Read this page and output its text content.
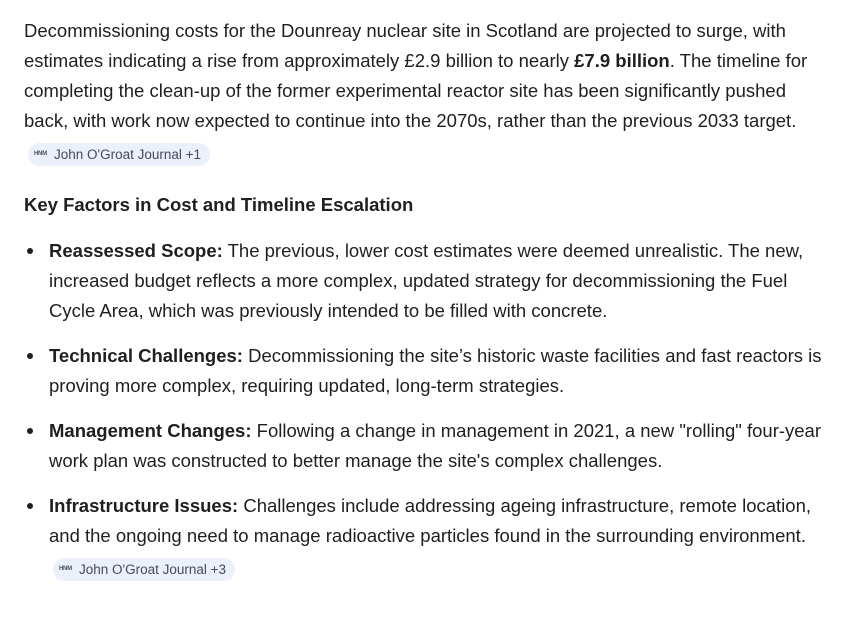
Decommissioning costs for the Dounreay nuclear site in Scotland are projected to surge, with estimates indicating a rise from approximately £2.9 billion to nearly £7.9 billion. The timeline for completing the clean-up of the former experimental reactor site has been significantly pushed back, with work now expected to continue into the 2070s, rather than the previous 2033 target.
HNM John O'Groat Journal +1

Key Factors in Cost and Timeline Escalation
Reassessed Scope: The previous, lower cost estimates were deemed unrealistic. The new, increased budget reflects a more complex, updated strategy for decommissioning the Fuel Cycle Area, which was previously intended to be filled with concrete.
Technical Challenges: Decommissioning the site’s historic waste facilities and fast reactors is proving more complex, requiring updated, long-term strategies.
Management Changes: Following a change in management in 2021, a new "rolling" four-year work plan was constructed to better manage the site's complex challenges.
Infrastructure Issues: Challenges include addressing ageing infrastructure, remote location, and the ongoing need to manage radioactive particles found in the surrounding environment.
HNM John O'Groat Journal +3
